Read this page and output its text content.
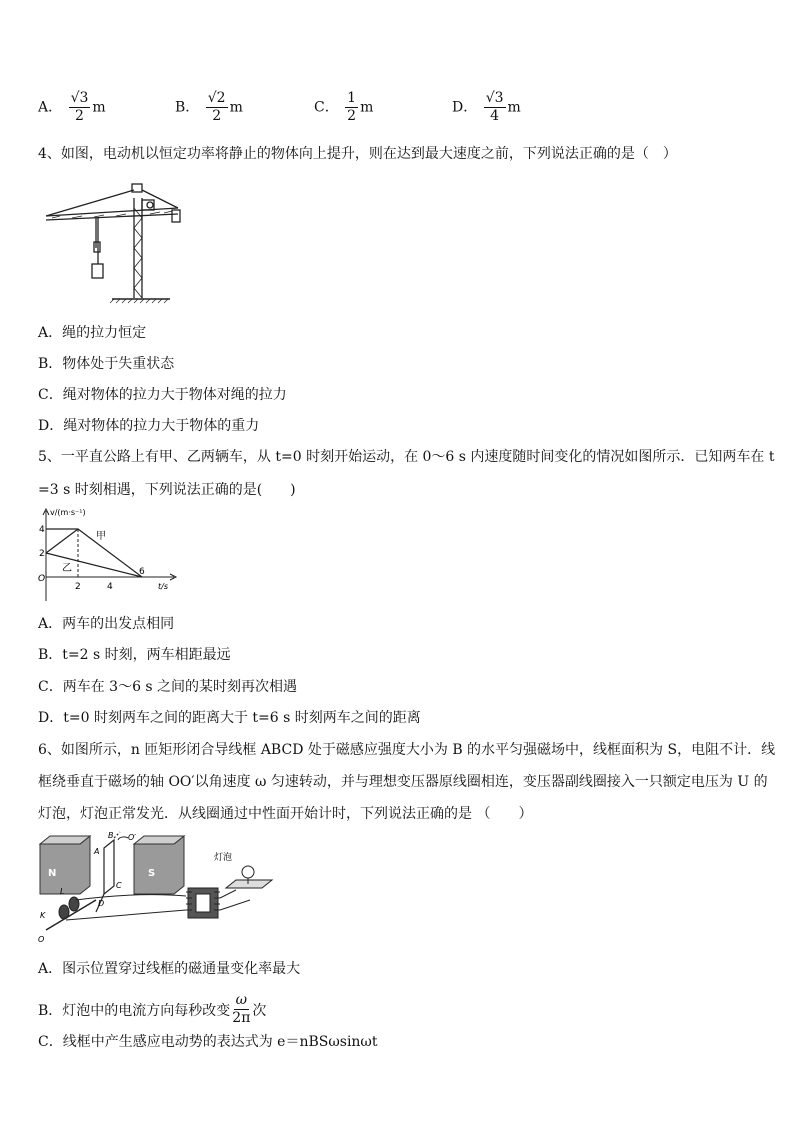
A． $\frac{√3}{2}$ m	B． $\frac{√2}{2}$ m	C． $\frac{1}{2}$ m	D． $\frac{√3}{4}$ m
4、如图，电动机以恒定功率将静止的物体向上提升，则在达到最大速度之前，下列说法正确的是（　）
A．绳的拉力恒定
B．物体处于失重状态
C．绳对物体的拉力大于物体对绳的拉力
D．绳对物体的拉力大于物体的重力
5、一平直公路上有甲、乙两辆车，从 t=0 时刻开始运动，在 0～6 s 内速度随时间变化的情况如图所示．已知两车在 t
=3 s 时刻相遇，下列说法正确的是(　　)
v/(m·s⁻¹)
t/s
O
4
2
2	4
6
甲
乙
A．两车的出发点相同
B．t=2 s 时刻，两车相距最远
C．两车在 3～6 s 之间的某时刻再次相遇
D．t=0 时刻两车之间的距离大于 t=6 s 时刻两车之间的距离
6、如图所示，n 匝矩形闭合导线框 ABCD 处于磁感应强度大小为 B 的水平匀强磁场中，线框面积为 S，电阻不计．线
框绕垂直于磁场的轴 OO′以角速度 ω 匀速转动，并与理想变压器原线圈相连，变压器副线圈接入一只额定电压为 U 的
灯泡，灯泡正常发光．从线圈通过中性面开始计时，下列说法正确的是 （　　）
N	S
B
A
C
D
O′
L
K
O
灯泡
A．图示位置穿过线框的磁通量变化率最大
B．灯泡中的电流方向每秒改变 $\frac{\omega}{2\pi}$ 次
C．线框中产生感应电动势的表达式为 e＝nBSωsinωt
